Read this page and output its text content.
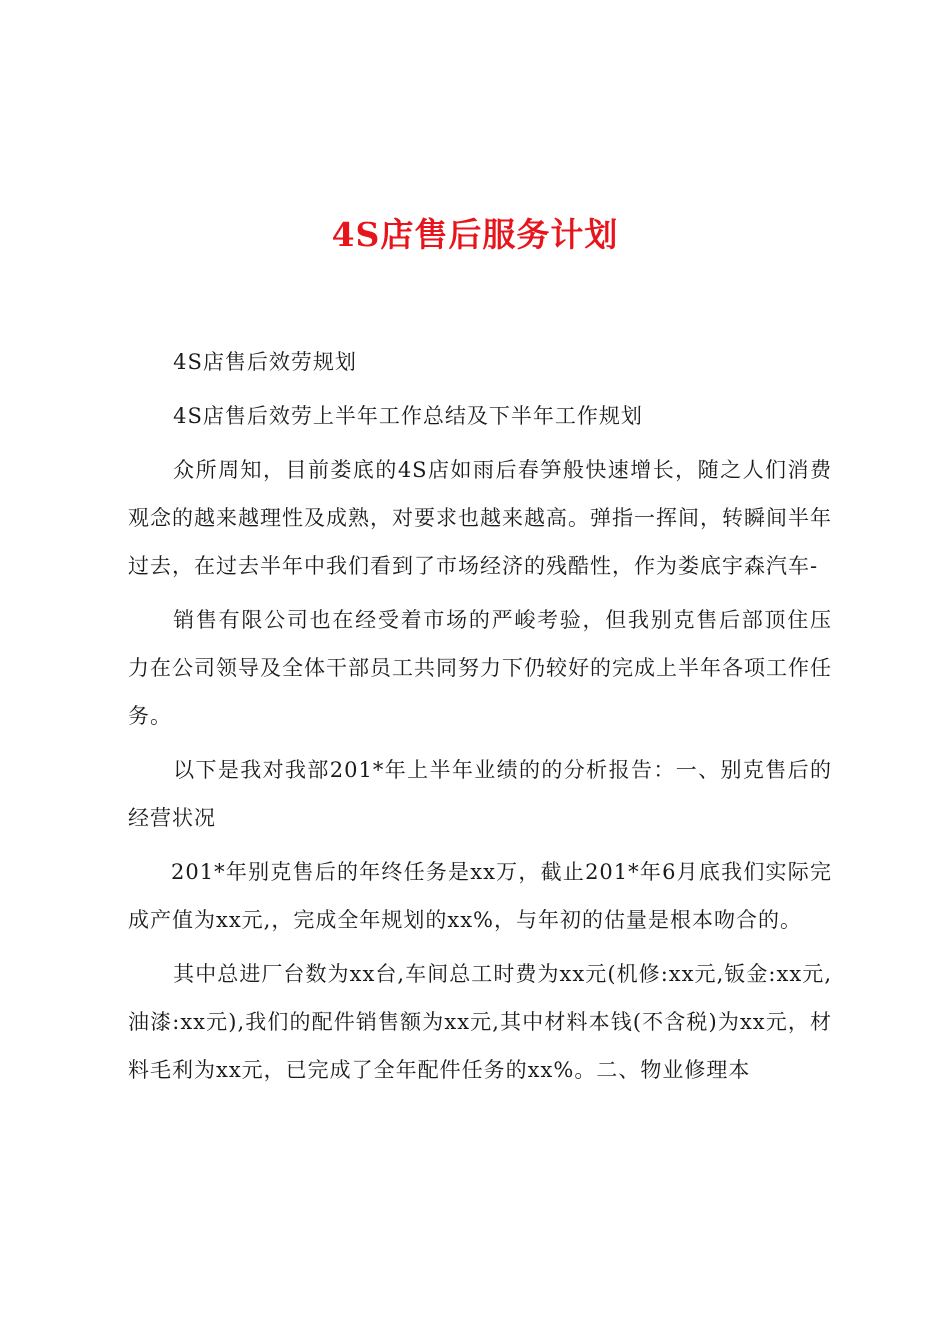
4S店售后服务计划

4S店售后效劳规划

4S店售后效劳上半年工作总结及下半年工作规划

众所周知，目前娄底的4S店如雨后春笋般快速增长，随之人们消费观念的越来越理性及成熟，对要求也越来越高。弹指一挥间，转瞬间半年过去，在过去半年中我们看到了市场经济的残酷性，作为娄底宇森汽车-

销售有限公司也在经受着市场的严峻考验，但我别克售后部顶住压力在公司领导及全体干部员工共同努力下仍较好的完成上半年各项工作任务。

以下是我对我部201*年上半年业绩的的分析报告：一、别克售后的经营状况

201*年别克售后的年终任务是xx万，截止201*年6月底我们实际完成产值为xx元,，完成全年规划的xx%，与年初的估量是根本吻合的。

其中总进厂台数为xx台,车间总工时费为xx元(机修:xx元,钣金:xx元,油漆:xx元),我们的配件销售额为xx元,其中材料本钱(不含税)为xx元，材料毛利为xx元，已完成了全年配件任务的xx%。二、物业修理本
